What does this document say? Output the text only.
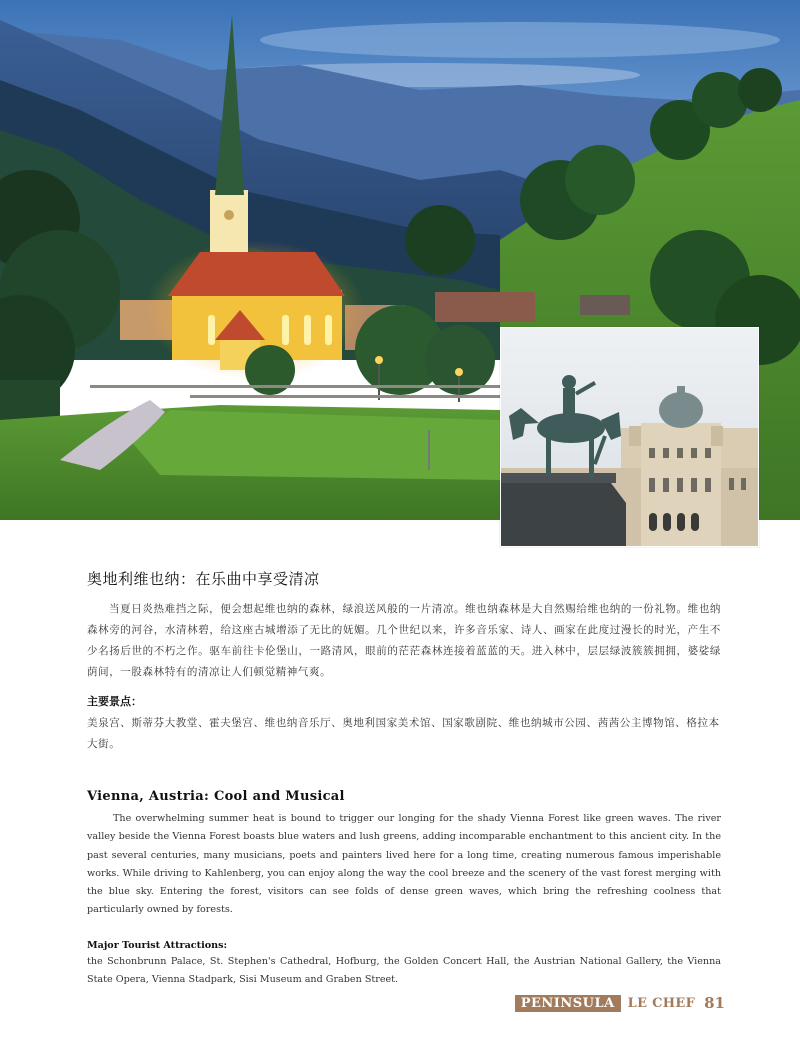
奥地利维也纳：在乐曲中享受清凉

当夏日炎热难挡之际，便会想起维也纳的森林，绿浪送风般的一片清凉。维也纳森林是大自然赐给维也纳的一份礼物。维也纳森林旁的河谷，水清林碧，给这座古城增添了无比的妩媚。几个世纪以来，许多音乐家、诗人、画家在此度过漫长的时光，产生不少名扬后世的不朽之作。驱车前往卡伦堡山，一路清风，眼前的茫茫森林连接着蓝蓝的天。进入林中，层层绿波簇簇拥拥，婆娑绿荫间，一股森林特有的清凉让人们顿觉精神气爽。

主要景点：

美泉宫、斯蒂芬大教堂、霍夫堡宫、维也纳音乐厅、奥地利国家美术馆、国家歌剧院、维也纳城市公园、茜茜公主博物馆、格拉本大街。

Vienna, Austria: Cool and Musical

The overwhelming summer heat is bound to trigger our longing for the shady Vienna Forest like green waves. The river valley beside the Vienna Forest boasts blue waters and lush greens, adding incomparable enchantment to this ancient city. In the past several centuries, many musicians, poets and painters lived here for a long time, creating numerous famous imperishable works. While driving to Kahlenberg, you can enjoy along the way the cool breeze and the scenery of the vast forest merging with the blue sky. Entering the forest, visitors can see folds of dense green waves, which bring the refreshing coolness that particularly owned by forests.

Major Tourist Attractions:

the Schonbrunn Palace, St. Stephen's Cathedral, Hofburg, the Golden Concert Hall, the Austrian National Gallery, the Vienna State Opera, Vienna Stadpark, Sisi Museum and Graben Street.

PENINSULA	LE CHEF 81
